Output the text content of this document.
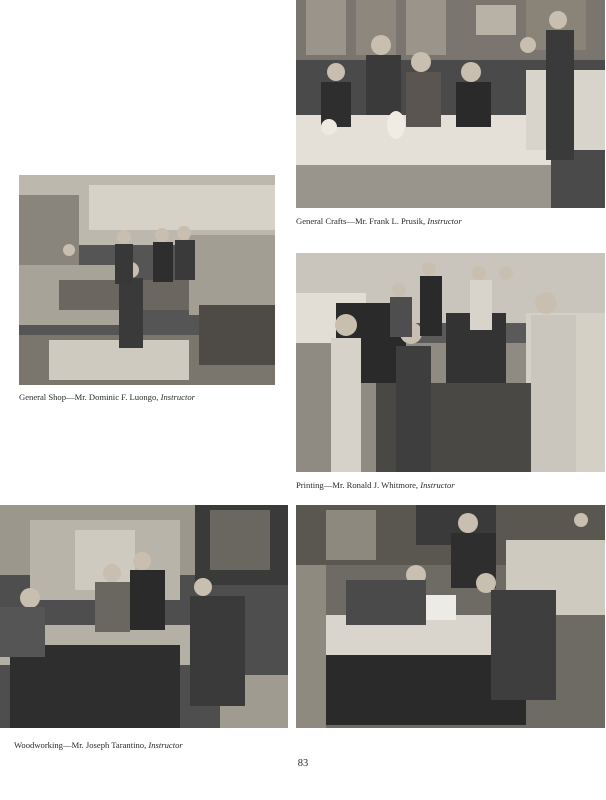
General Crafts—Mr. Frank L. Prusik, Instructor
General Shop—Mr. Dominic F. Luongo, Instructor
Printing—Mr. Ronald J. Whitmore, Instructor
Woodworking—Mr. Joseph Tarantino, Instructor
83
